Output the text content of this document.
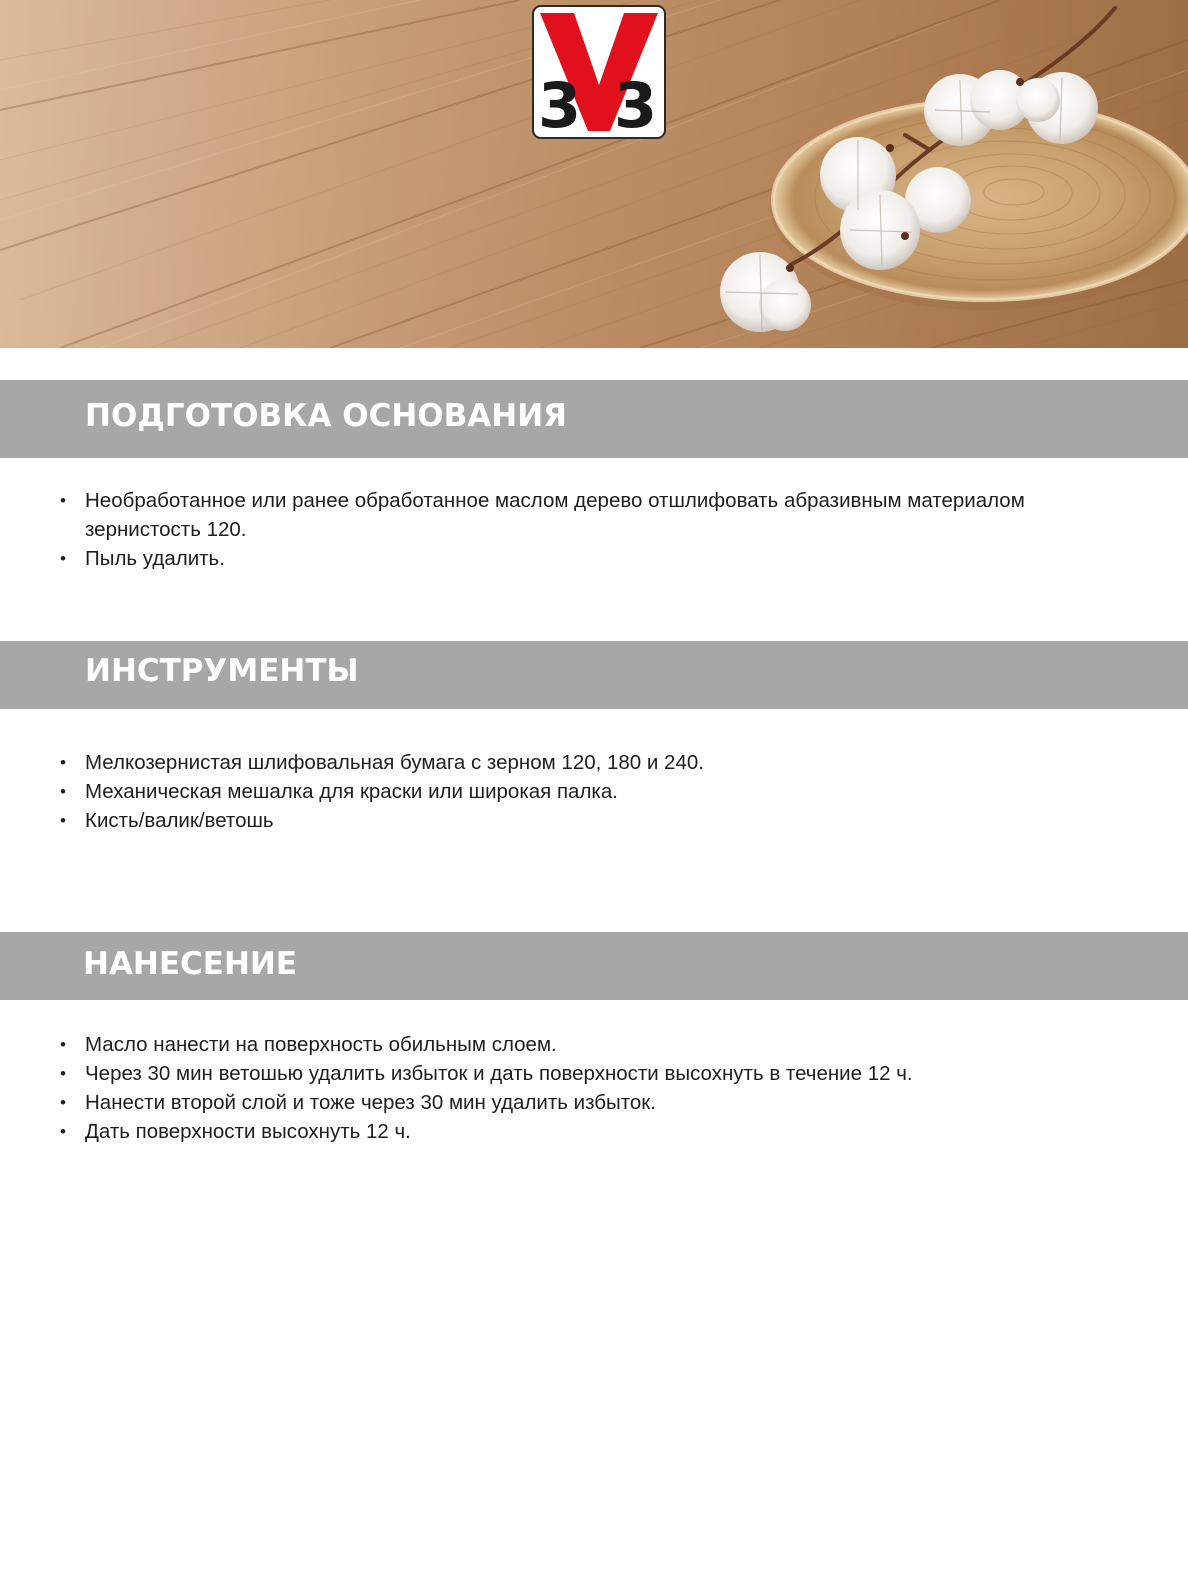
3 3
ПОДГОТОВКА ОСНОВАНИЯ
• Необработанное или ранее обработанное маслом дерево отшлифовать абразивным материалом зернистость 120.
• Пыль удалить.
ИНСТРУМЕНТЫ
• Мелкозернистая шлифовальная бумага с зерном 120, 180 и 240.
• Механическая мешалка для краски или широкая палка.
• Кисть/валик/ветошь
НАНЕСЕНИЕ
• Масло нанести на поверхность обильным слоем.
• Через 30 мин ветошью удалить избыток и дать поверхности высохнуть в течение 12 ч.
• Нанести второй слой и тоже через 30 мин удалить избыток.
• Дать поверхности высохнуть 12 ч.
